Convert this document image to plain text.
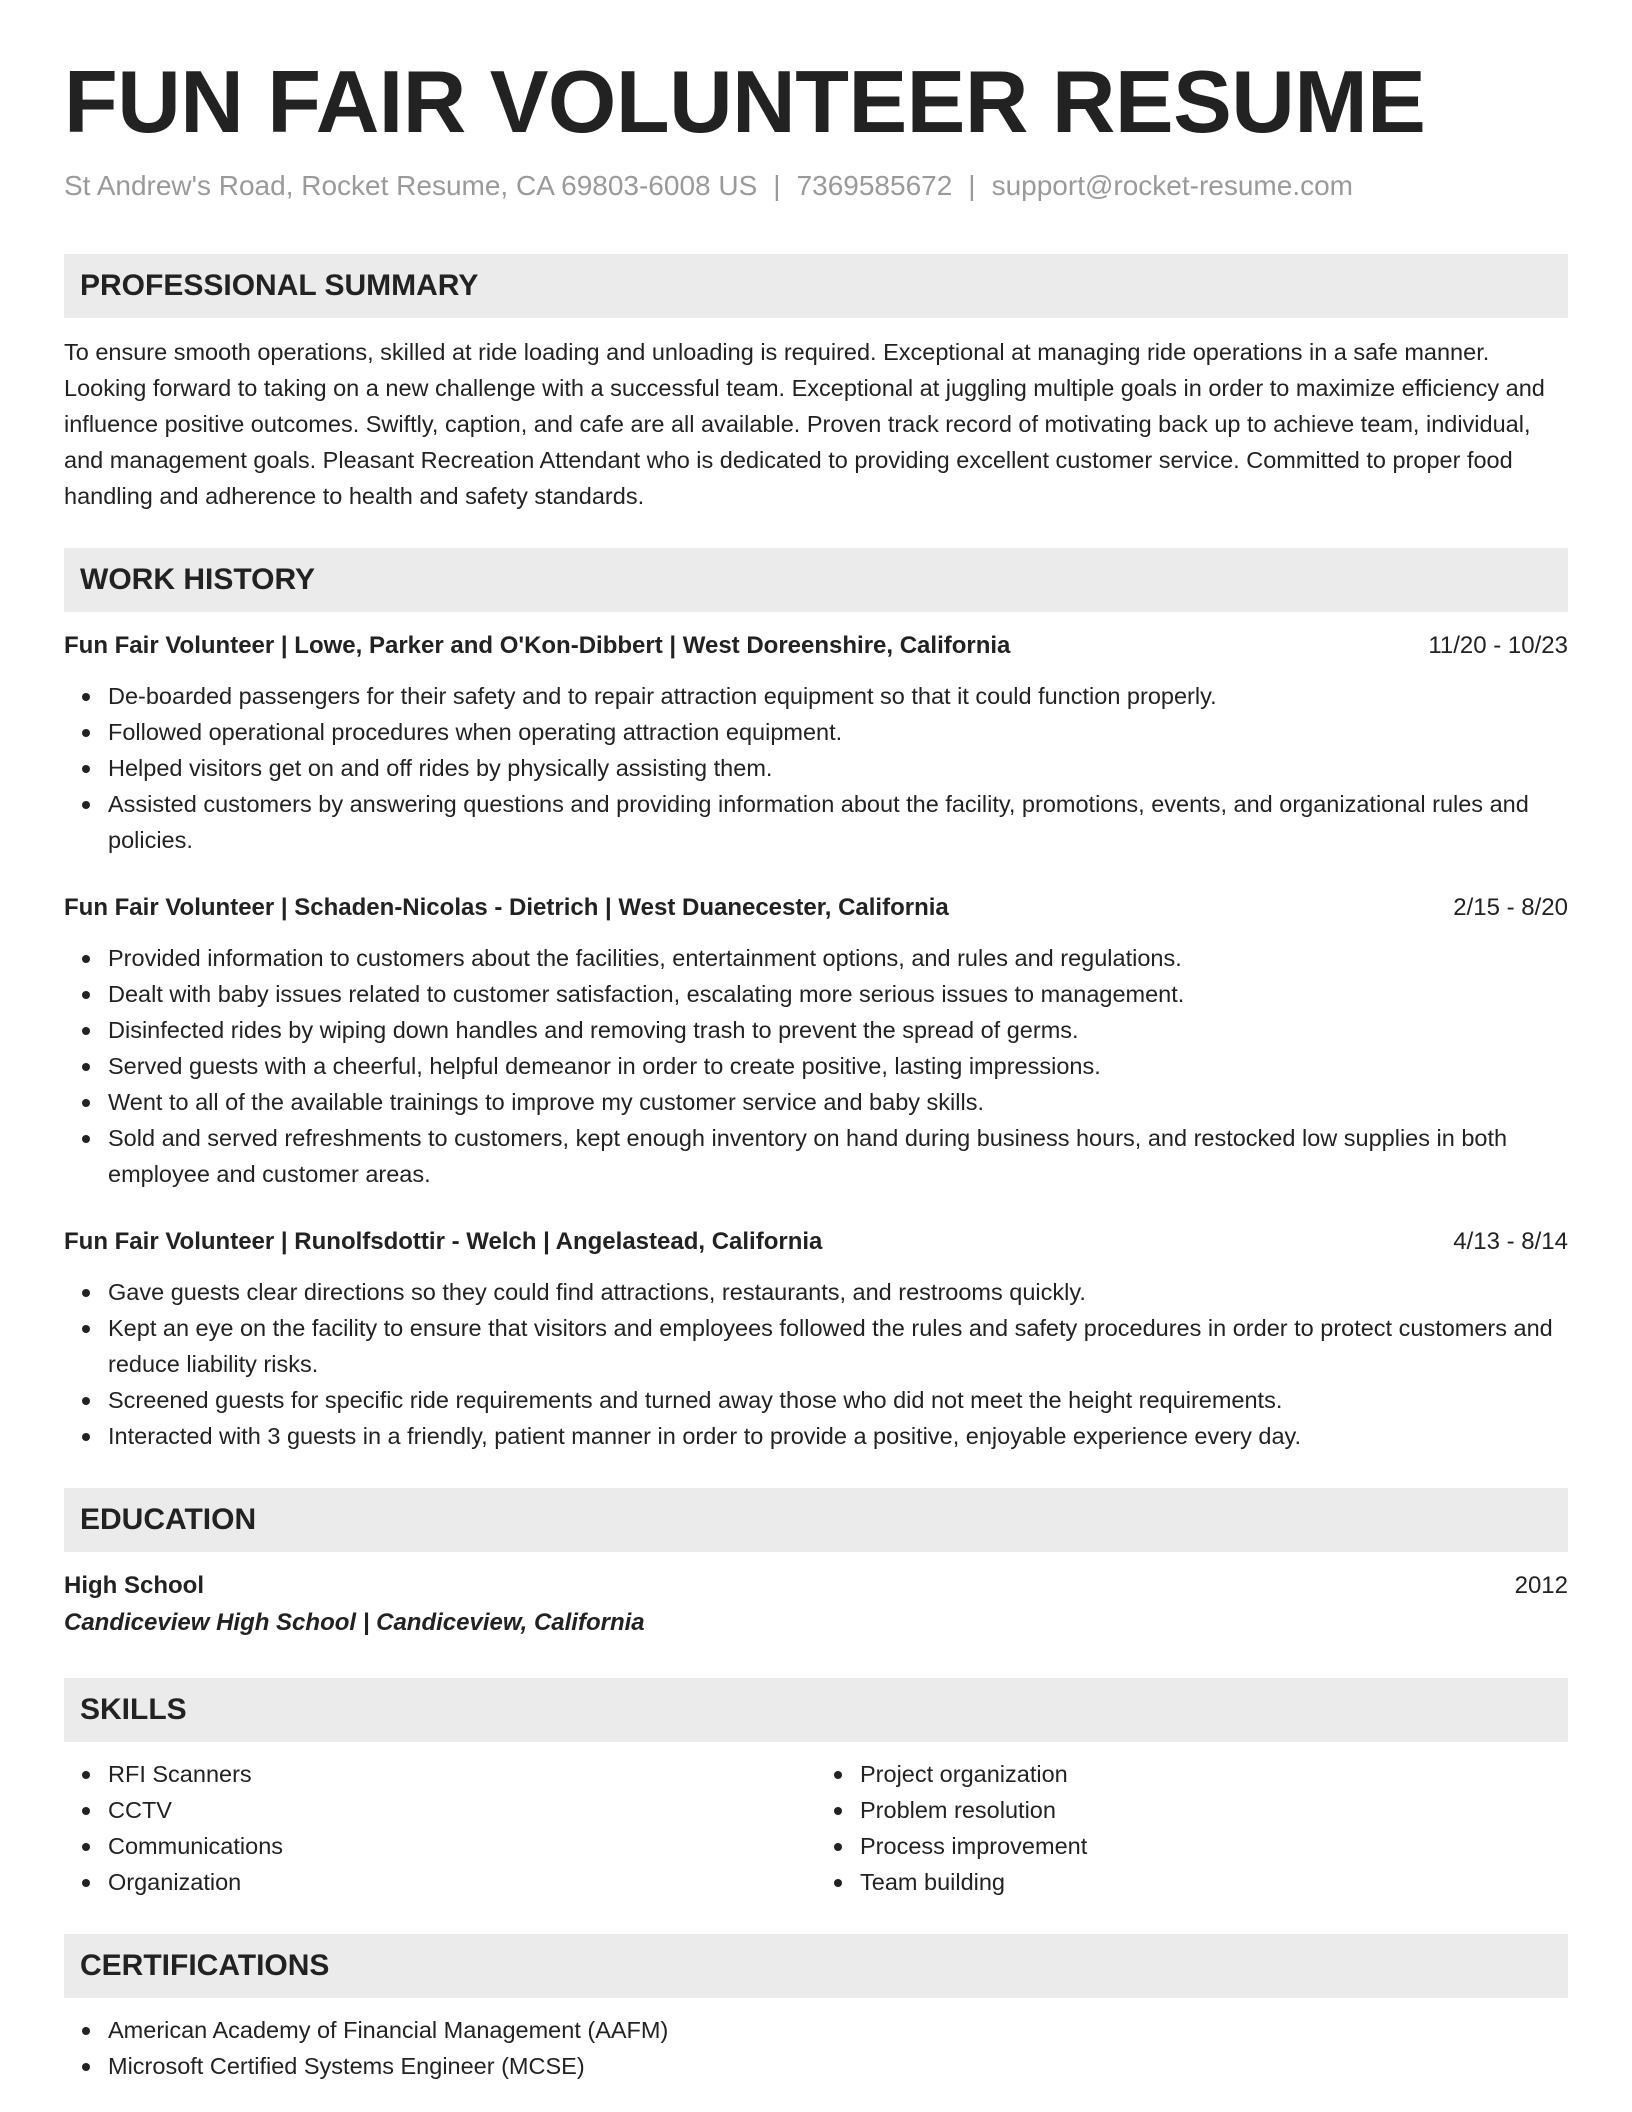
FUN FAIR VOLUNTEER RESUME
St Andrew's Road, Rocket Resume, CA 69803-6008 US | 7369585672 | support@rocket-resume.com
PROFESSIONAL SUMMARY
To ensure smooth operations, skilled at ride loading and unloading is required. Exceptional at managing ride operations in a safe manner. Looking forward to taking on a new challenge with a successful team. Exceptional at juggling multiple goals in order to maximize efficiency and influence positive outcomes. Swiftly, caption, and cafe are all available. Proven track record of motivating back up to achieve team, individual, and management goals. Pleasant Recreation Attendant who is dedicated to providing excellent customer service. Committed to proper food handling and adherence to health and safety standards.
WORK HISTORY
Fun Fair Volunteer | Lowe, Parker and O'Kon-Dibbert | West Doreenshire, California	11/20 - 10/23
De-boarded passengers for their safety and to repair attraction equipment so that it could function properly.
Followed operational procedures when operating attraction equipment.
Helped visitors get on and off rides by physically assisting them.
Assisted customers by answering questions and providing information about the facility, promotions, events, and organizational rules and policies.
Fun Fair Volunteer | Schaden-Nicolas - Dietrich | West Duanecester, California	2/15 - 8/20
Provided information to customers about the facilities, entertainment options, and rules and regulations.
Dealt with baby issues related to customer satisfaction, escalating more serious issues to management.
Disinfected rides by wiping down handles and removing trash to prevent the spread of germs.
Served guests with a cheerful, helpful demeanor in order to create positive, lasting impressions.
Went to all of the available trainings to improve my customer service and baby skills.
Sold and served refreshments to customers, kept enough inventory on hand during business hours, and restocked low supplies in both employee and customer areas.
Fun Fair Volunteer | Runolfsdottir - Welch | Angelastead, California	4/13 - 8/14
Gave guests clear directions so they could find attractions, restaurants, and restrooms quickly.
Kept an eye on the facility to ensure that visitors and employees followed the rules and safety procedures in order to protect customers and reduce liability risks.
Screened guests for specific ride requirements and turned away those who did not meet the height requirements.
Interacted with 3 guests in a friendly, patient manner in order to provide a positive, enjoyable experience every day.
EDUCATION
High School	2012
Candiceview High School | Candiceview, California
SKILLS
RFI Scanners
CCTV
Communications
Organization
Project organization
Problem resolution
Process improvement
Team building
CERTIFICATIONS
American Academy of Financial Management (AAFM)
Microsoft Certified Systems Engineer (MCSE)
